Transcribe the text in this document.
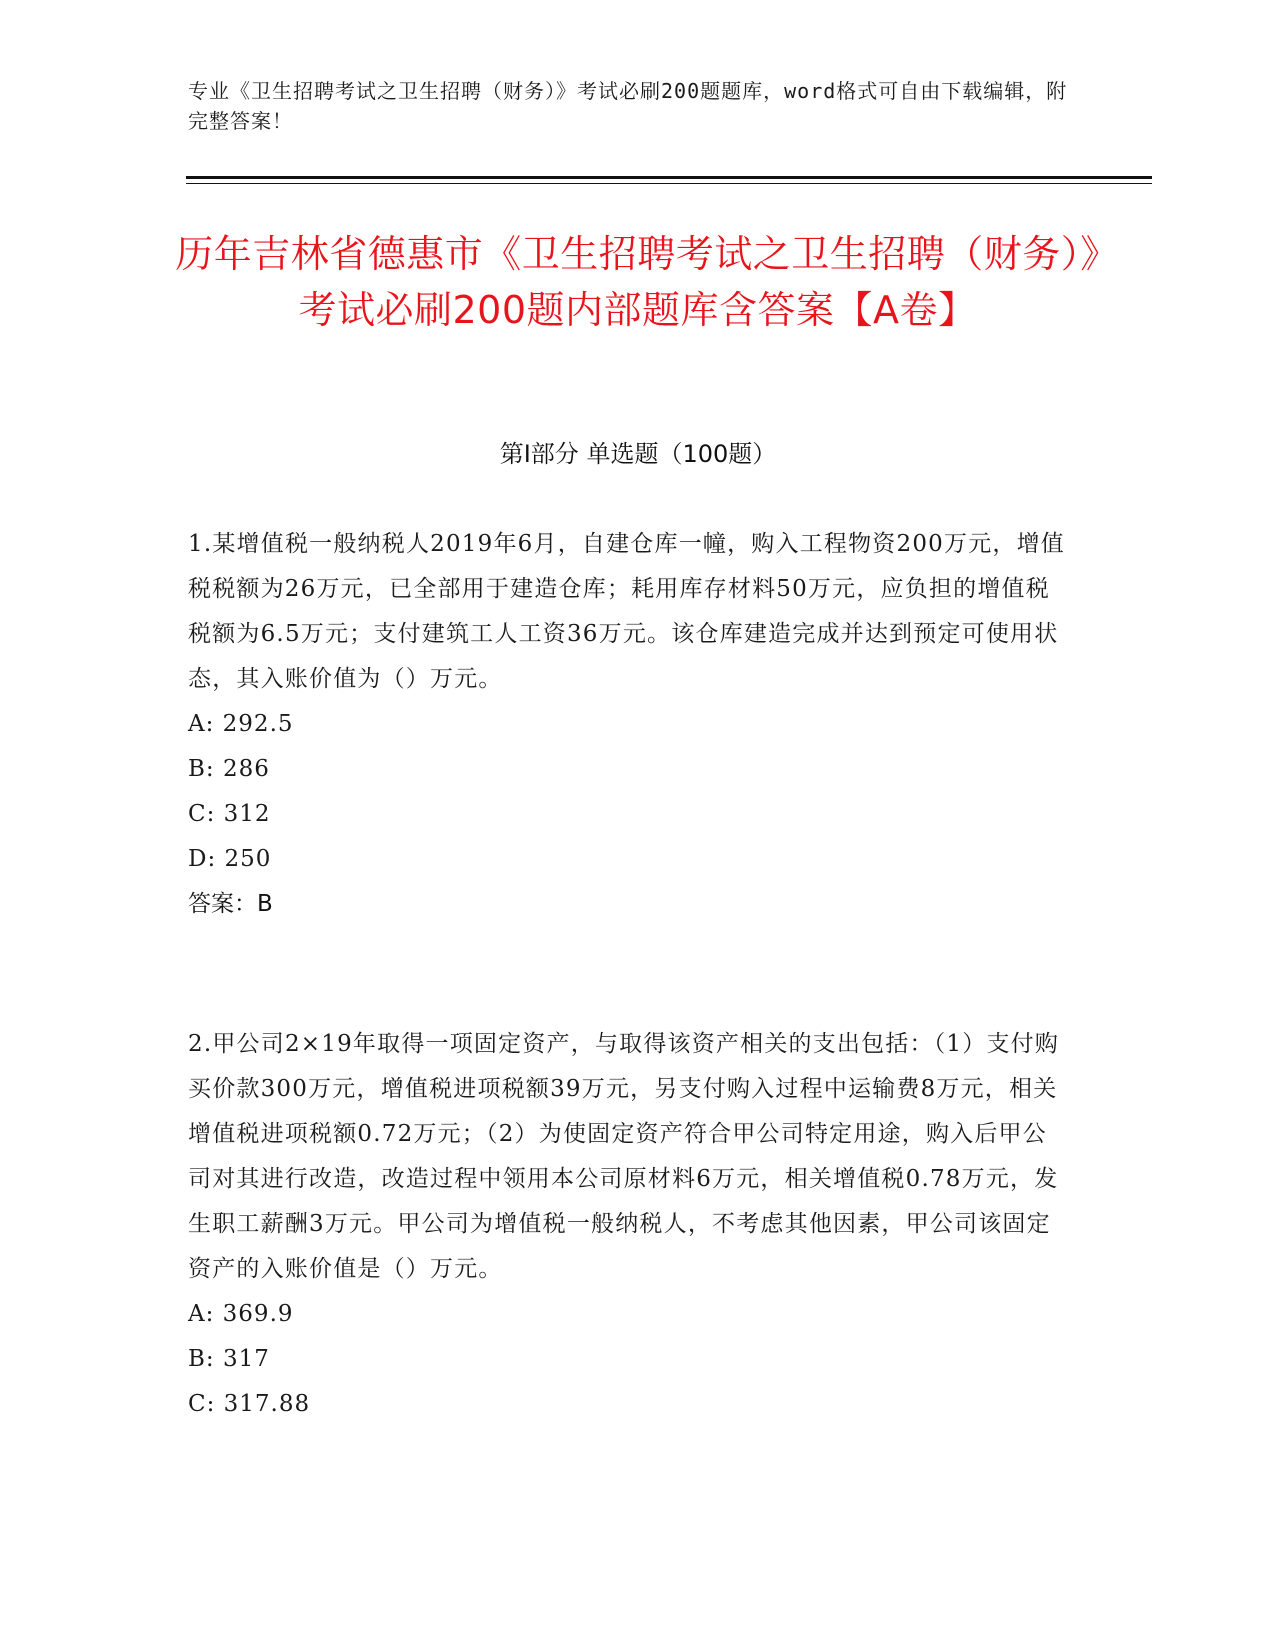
专业《卫生招聘考试之卫生招聘（财务）》考试必刷200题题库，word格式可自由下载编辑，附完整答案！
历年吉林省德惠市《卫生招聘考试之卫生招聘（财务）》考试必刷200题内部题库含答案【A卷】
第Ⅰ部分 单选题（100题）

1.某增值税一般纳税人2019年6月，自建仓库一幢，购入工程物资200万元，增值税税额为26万元，已全部用于建造仓库；耗用库存材料50万元，应负担的增值税税额为6.5万元；支付建筑工人工资36万元。该仓库建造完成并达到预定可使用状态，其入账价值为（）万元。

A: 292.5

B: 286

C: 312

D: 250

答案：B

2.甲公司2×19年取得一项固定资产，与取得该资产相关的支出包括：（1）支付购买价款300万元，增值税进项税额39万元，另支付购入过程中运输费8万元，相关增值税进项税额0.72万元；（2）为使固定资产符合甲公司特定用途，购入后甲公司对其进行改造，改造过程中领用本公司原材料6万元，相关增值税0.78万元，发生职工薪酬3万元。甲公司为增值税一般纳税人，不考虑其他因素，甲公司该固定资产的入账价值是（）万元。

A: 369.9

B: 317

C: 317.88
